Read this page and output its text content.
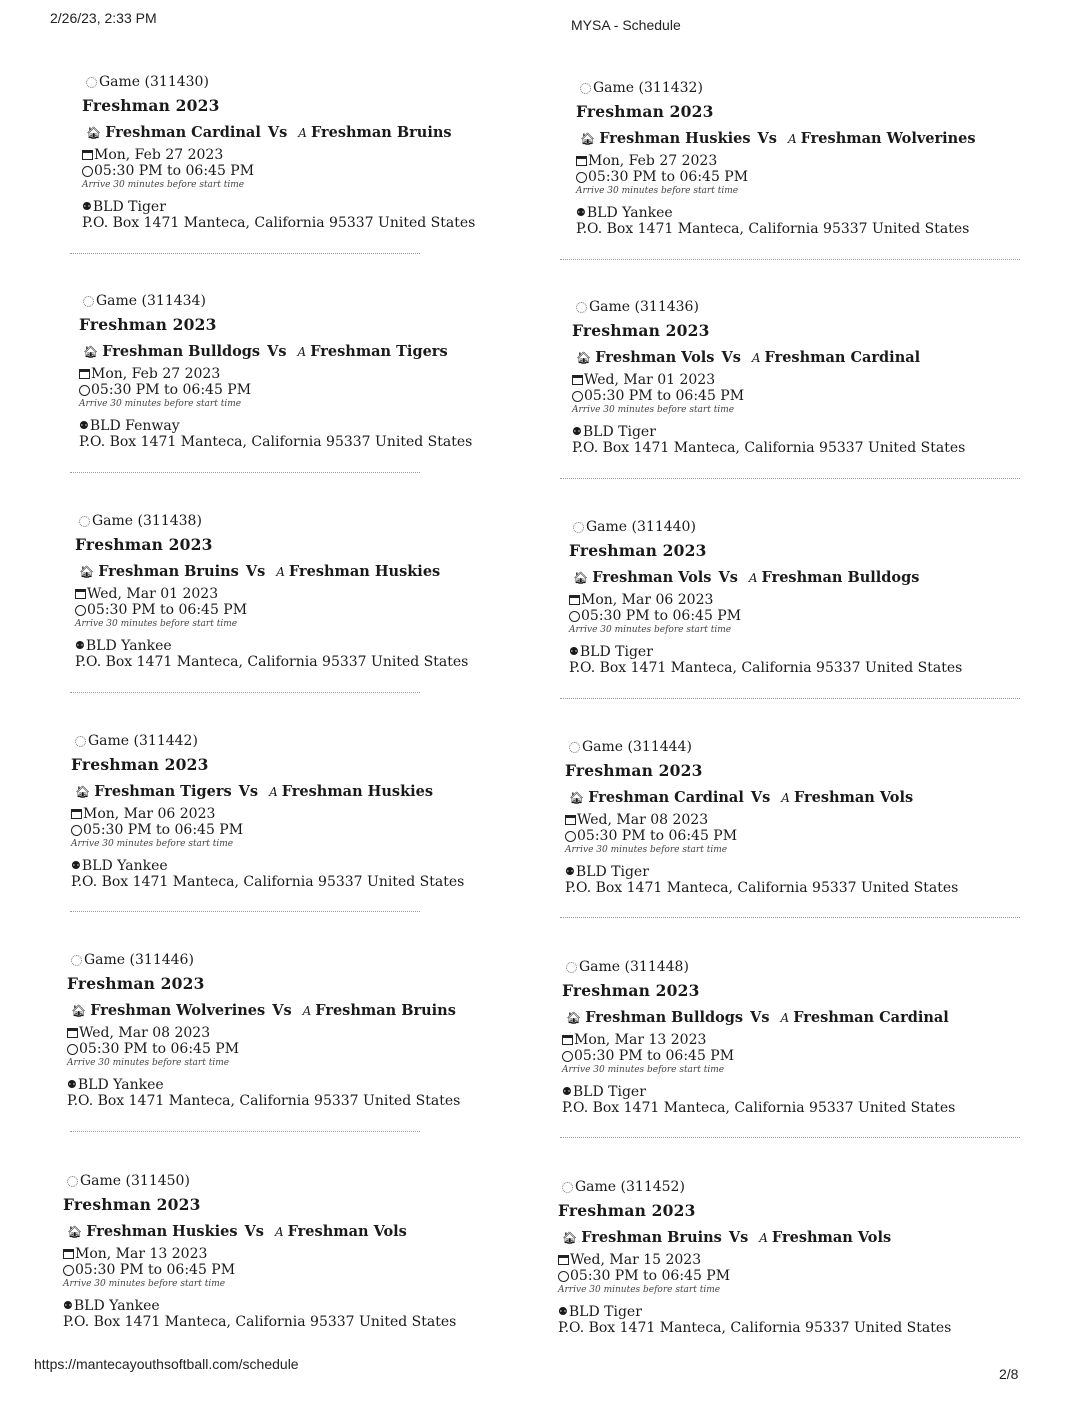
2/26/23, 2:33 PM	MYSA - Schedule
Game (311430)
Freshman 2023
🏠︎ Freshman Cardinal Vs 𝐴 Freshman Bruins
Mon, Feb 27 2023
05:30 PM to 06:45 PM
Arrive 30 minutes before start time
⚉ BLD Tiger
P.O. Box 1471 Manteca, California 95337 United States
Game (311432)
Freshman 2023
🏠︎ Freshman Huskies Vs 𝐴 Freshman Wolverines
Mon, Feb 27 2023
05:30 PM to 06:45 PM
Arrive 30 minutes before start time
⚉ BLD Yankee
P.O. Box 1471 Manteca, California 95337 United States
Game (311434)
Freshman 2023
🏠︎ Freshman Bulldogs Vs 𝐴 Freshman Tigers
Mon, Feb 27 2023
05:30 PM to 06:45 PM
Arrive 30 minutes before start time
⚉ BLD Fenway
P.O. Box 1471 Manteca, California 95337 United States
Game (311436)
Freshman 2023
🏠︎ Freshman Vols Vs 𝐴 Freshman Cardinal
Wed, Mar 01 2023
05:30 PM to 06:45 PM
Arrive 30 minutes before start time
⚉ BLD Tiger
P.O. Box 1471 Manteca, California 95337 United States
Game (311438)
Freshman 2023
🏠︎ Freshman Bruins Vs 𝐴 Freshman Huskies
Wed, Mar 01 2023
05:30 PM to 06:45 PM
Arrive 30 minutes before start time
⚉ BLD Yankee
P.O. Box 1471 Manteca, California 95337 United States
Game (311440)
Freshman 2023
🏠︎ Freshman Vols Vs 𝐴 Freshman Bulldogs
Mon, Mar 06 2023
05:30 PM to 06:45 PM
Arrive 30 minutes before start time
⚉ BLD Tiger
P.O. Box 1471 Manteca, California 95337 United States
Game (311442)
Freshman 2023
🏠︎ Freshman Tigers Vs 𝐴 Freshman Huskies
Mon, Mar 06 2023
05:30 PM to 06:45 PM
Arrive 30 minutes before start time
⚉ BLD Yankee
P.O. Box 1471 Manteca, California 95337 United States
Game (311444)
Freshman 2023
🏠︎ Freshman Cardinal Vs 𝐴 Freshman Vols
Wed, Mar 08 2023
05:30 PM to 06:45 PM
Arrive 30 minutes before start time
⚉ BLD Tiger
P.O. Box 1471 Manteca, California 95337 United States
Game (311446)
Freshman 2023
🏠︎ Freshman Wolverines Vs 𝐴 Freshman Bruins
Wed, Mar 08 2023
05:30 PM to 06:45 PM
Arrive 30 minutes before start time
⚉ BLD Yankee
P.O. Box 1471 Manteca, California 95337 United States
Game (311448)
Freshman 2023
🏠︎ Freshman Bulldogs Vs 𝐴 Freshman Cardinal
Mon, Mar 13 2023
05:30 PM to 06:45 PM
Arrive 30 minutes before start time
⚉ BLD Tiger
P.O. Box 1471 Manteca, California 95337 United States
Game (311450)
Freshman 2023
🏠︎ Freshman Huskies Vs 𝐴 Freshman Vols
Mon, Mar 13 2023
05:30 PM to 06:45 PM
Arrive 30 minutes before start time
⚉ BLD Yankee
P.O. Box 1471 Manteca, California 95337 United States
Game (311452)
Freshman 2023
🏠︎ Freshman Bruins Vs 𝐴 Freshman Vols
Wed, Mar 15 2023
05:30 PM to 06:45 PM
Arrive 30 minutes before start time
⚉ BLD Tiger
P.O. Box 1471 Manteca, California 95337 United States
https://mantecayouthsoftball.com/schedule
2/8
